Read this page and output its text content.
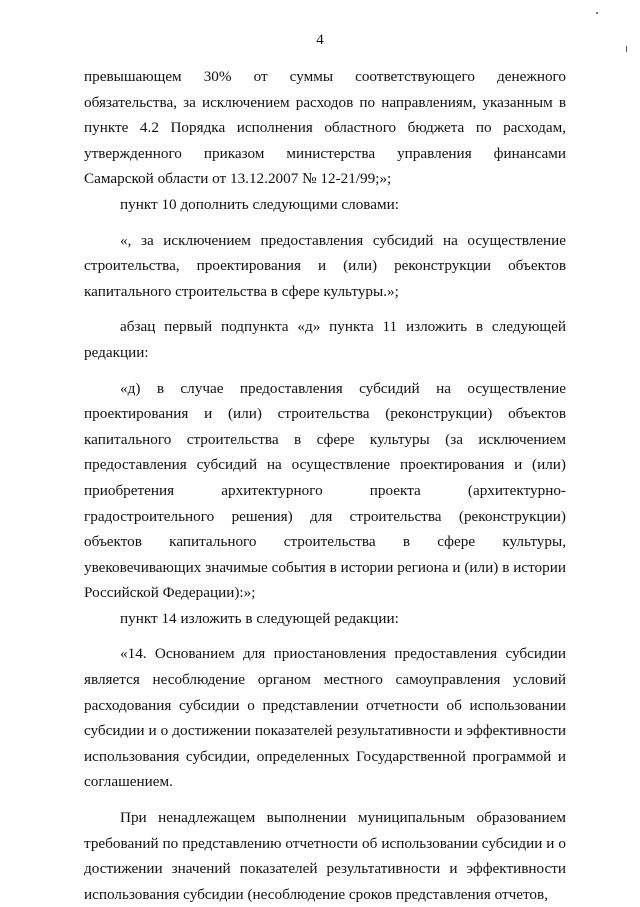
4

превышающем 30% от суммы соответствующего денежного обязательства, за исключением расходов по направлениям, указанным в пункте 4.2 Порядка исполнения областного бюджета по расходам, утвержденного приказом министерства управления финансами Самарской области от 13.12.2007 № 12-21/99;»;

пункт 10 дополнить следующими словами:

«, за исключением предоставления субсидий на осуществление строительства, проектирования и (или) реконструкции объектов капитального строительства в сфере культуры.»;

абзац первый подпункта «д» пункта 11 изложить в следующей редакции:

«д) в случае предоставления субсидий на осуществление проектирования и (или) строительства (реконструкции) объектов капитального строительства в сфере культуры (за исключением предоставления субсидий на осуществление проектирования и (или) приобретения архитектурного проекта (архитектурно-градостроительного решения) для строительства (реконструкции) объектов капитального строительства в сфере культуры, увековечивающих значимые события в истории региона и (или) в истории Российской Федерации):»;

пункт 14 изложить в следующей редакции:

«14. Основанием для приостановления предоставления субсидии является несоблюдение органом местного самоуправления условий расходования субсидии о представлении отчетности об использовании субсидии и о достижении показателей результативности и эффективности использования субсидии, определенных Государственной программой и соглашением.

При ненадлежащем выполнении муниципальным образованием требований по представлению отчетности об использовании субсидии и о достижении значений показателей результативности и эффективности использования субсидии (несоблюдение сроков представления отчетов,
